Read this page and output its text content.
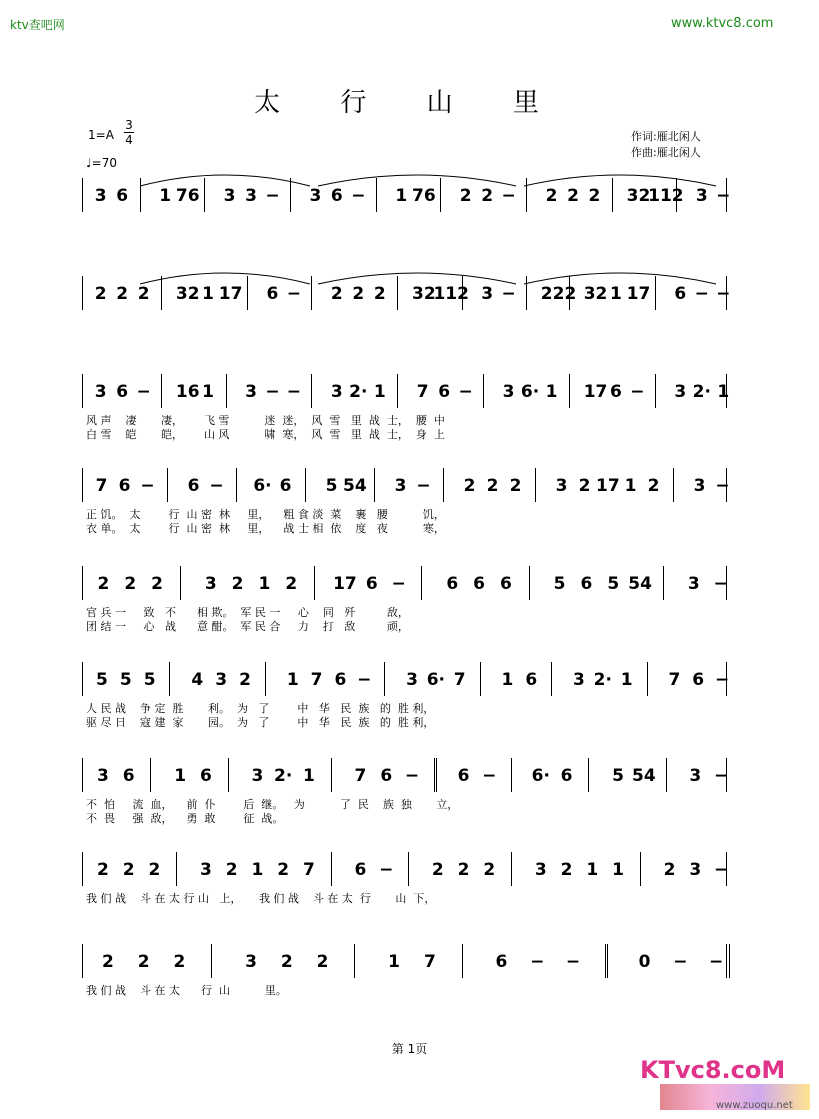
ktv查吧网	www.ktvc8.com
太 行 山 里
1=A
3
4
♩=70
作词:雁北闲人
作曲:雁北闲人
3 6 1 76 3 3 − 3 6 − 1 76 2 2 − 2 2 2 32
112 3 −
2 2 2 32 1 17 6 − 2 2 2 32
112 3 − 222 32 1 17 6 − −
3 6 − 16 1 3 − − 3 2· 1 7 6 − 3 6· 1 17 6 − 3 2· 1
风 声    凄       凄，      飞 雪          迷  迷，  风  雪   里  战  士，  腰  中
白 雪    皑       皑，      山 风          啸  寒，  风  雪   里  战  士，  身  上
7 6 −	6 − 6· 6	5 54	3 −	2 2 2	3 2 17 1 2	3 −
正 饥。  太        行  山 密  林     里，    粗 食 淡  菜    裹   腰          饥，
衣 单。  太        行  山 密  林     里，    战 士 相  依    度   夜          寒，
2 2 2	3 2 1 2	17 6 −	6 6 6	5 6 5 54	3 −
官 兵 一     致   不      相 欺。  军 民 一     心    同   歼         敌，
团 结 一     心   战      意 酣。  军 民 合     力    打   敌         顽，
5 5 5	4 3 2	1 7 6 −	3 6· 7	1 6	3 2· 1	7 6 −
人 民 战    争 定  胜       利。  为   了        中   华   民  族   的  胜 利，
驱 尽 日    寇 建  家       园。  为   了        中   华   民  族   的  胜 利，
3 6	1 6	3 2· 1	7 6 −	6 −	6· 6	5 54	3 −
不  怕     流  血，    前  仆        后  继。   为          了  民    族  独       立，
不  畏     强  敌，    勇  敢        征  战。
2 2 2	3 2 1 2 7	6 −	2 2 2	3 2 1 1	2 3 −
我 们 战    斗 在 太 行 山   上，     我 们 战    斗 在 太  行       山  下，
2	2	2	3	2	2	1	7	6	−	−	0	−	−
我 们 战    斗 在 太      行  山          里。
第 1页
KTvc8.coM
www.zuoqu.net
